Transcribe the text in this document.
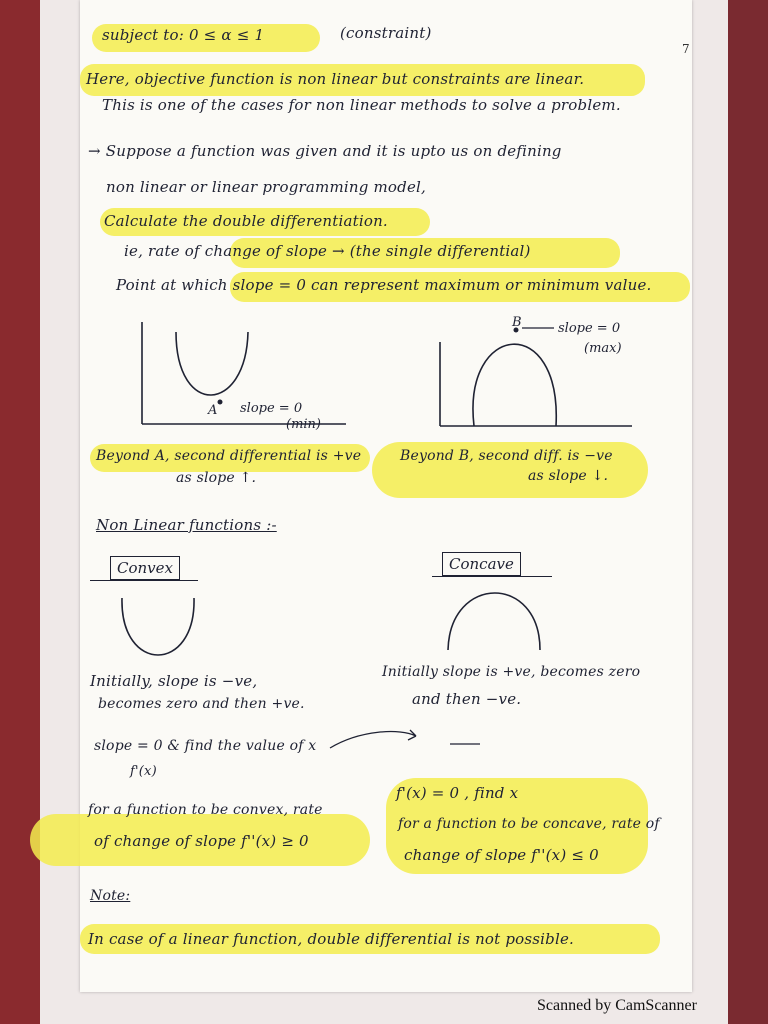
subject to: 0 ≤ α ≤ 1	(constraint)
7
Here, objective function is non linear but constraints are linear.
This is one of the cases for non linear methods to solve a problem.
→ Suppose a function was given and it is upto us on defining
non linear or linear programming model,
Calculate the double differentiation.
ie, rate of change of slope → (the single differential)
Point at which slope = 0 can represent maximum or minimum value.
A slope = 0
(min)
B	slope = 0
(max)
Beyond A, second differential is +ve
as slope ↑.
Beyond B, second diff. is −ve
as slope ↓.
Non Linear functions :-
Convex	Concave
Initially, slope is −ve,
becomes zero and then +ve.
Initially slope is +ve, becomes zero
and then −ve.
slope = 0 & find the value of x
f'(x)
for a function to be convex, rate
of change of slope f''(x) ≥ 0
f'(x) = 0 , find x
for a function to be concave, rate of
change of slope f''(x) ≤ 0
Note:
In case of a linear function, double differential is not possible.
Scanned by CamScanner
